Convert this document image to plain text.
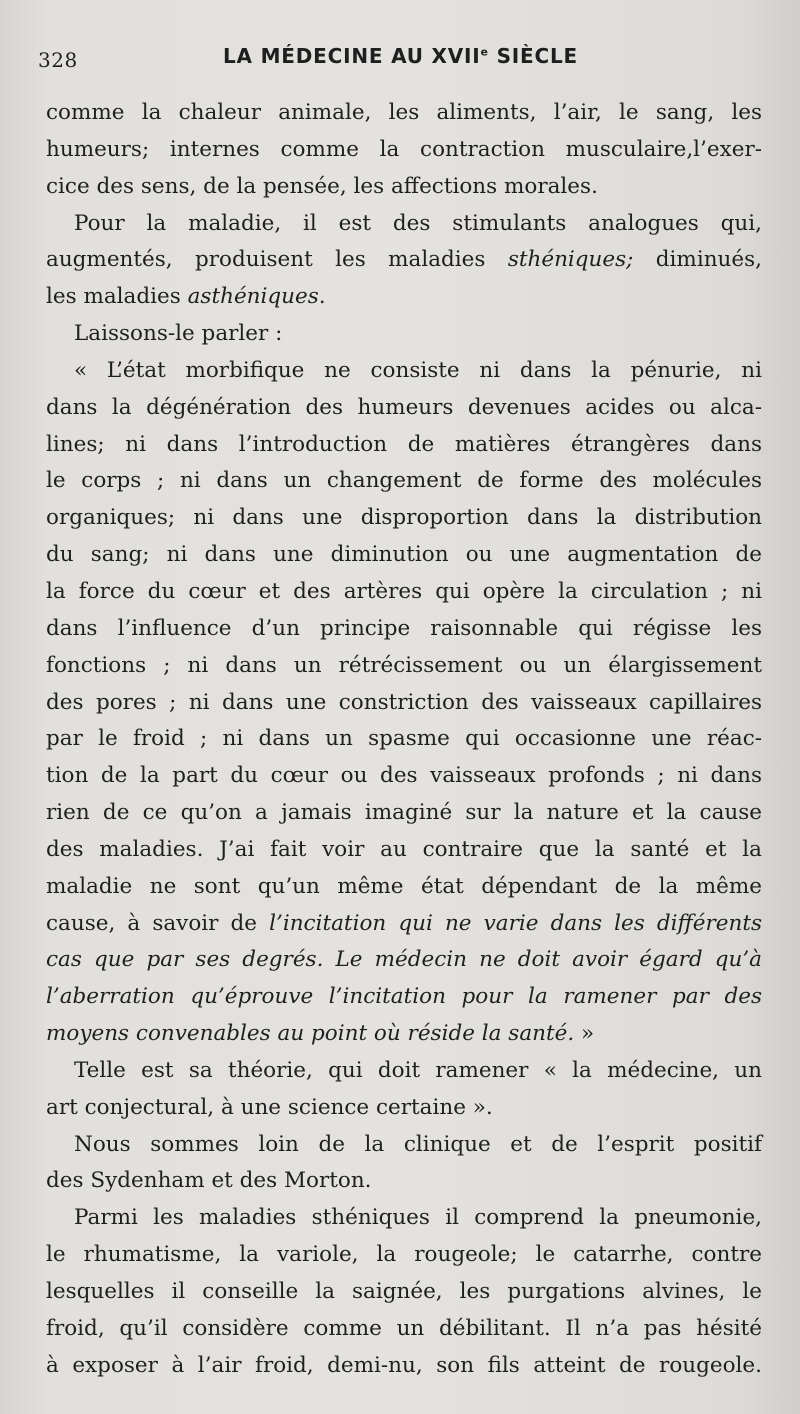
328	LA MÉDECINE AU XVIIe SIÈCLE
comme la chaleur animale, les aliments, l’air, le sang, les
humeurs; internes comme la contraction musculaire,l’exer-
cice des sens, de la pensée, les affections morales.
Pour la maladie, il est des stimulants analogues qui,
augmentés, produisent les maladies sthéniques; diminués,
les maladies asthéniques.
Laissons-le parler :
« L’état morbifique ne consiste ni dans la pénurie, ni
dans la dégénération des humeurs devenues acides ou alca-
lines; ni dans l’introduction de matières étrangères dans
le corps ; ni dans un changement de forme des molécules
organiques; ni dans une disproportion dans la distribution
du sang; ni dans une diminution ou une augmentation de
la force du cœur et des artères qui opère la circulation ; ni
dans l’influence d’un principe raisonnable qui régisse les
fonctions ; ni dans un rétrécissement ou un élargissement
des pores ; ni dans une constriction des vaisseaux capillaires
par le froid ; ni dans un spasme qui occasionne une réac-
tion de la part du cœur ou des vaisseaux profonds ; ni dans
rien de ce qu’on a jamais imaginé sur la nature et la cause
des maladies. J’ai fait voir au contraire que la santé et la
maladie ne sont qu’un même état dépendant de la même
cause, à savoir de l’incitation qui ne varie dans les différents
cas que par ses degrés. Le médecin ne doit avoir égard qu’à
l’aberration qu’éprouve l’incitation pour la ramener par des
moyens convenables au point où réside la santé. »
Telle est sa théorie, qui doit ramener « la médecine, un
art conjectural, à une science certaine ».
Nous sommes loin de la clinique et de l’esprit positif
des Sydenham et des Morton.
Parmi les maladies sthéniques il comprend la pneumonie,
le rhumatisme, la variole, la rougeole; le catarrhe, contre
lesquelles il conseille la saignée, les purgations alvines, le
froid, qu’il considère comme un débilitant. Il n’a pas hésité
à exposer à l’air froid, demi-nu, son fils atteint de rougeole.
